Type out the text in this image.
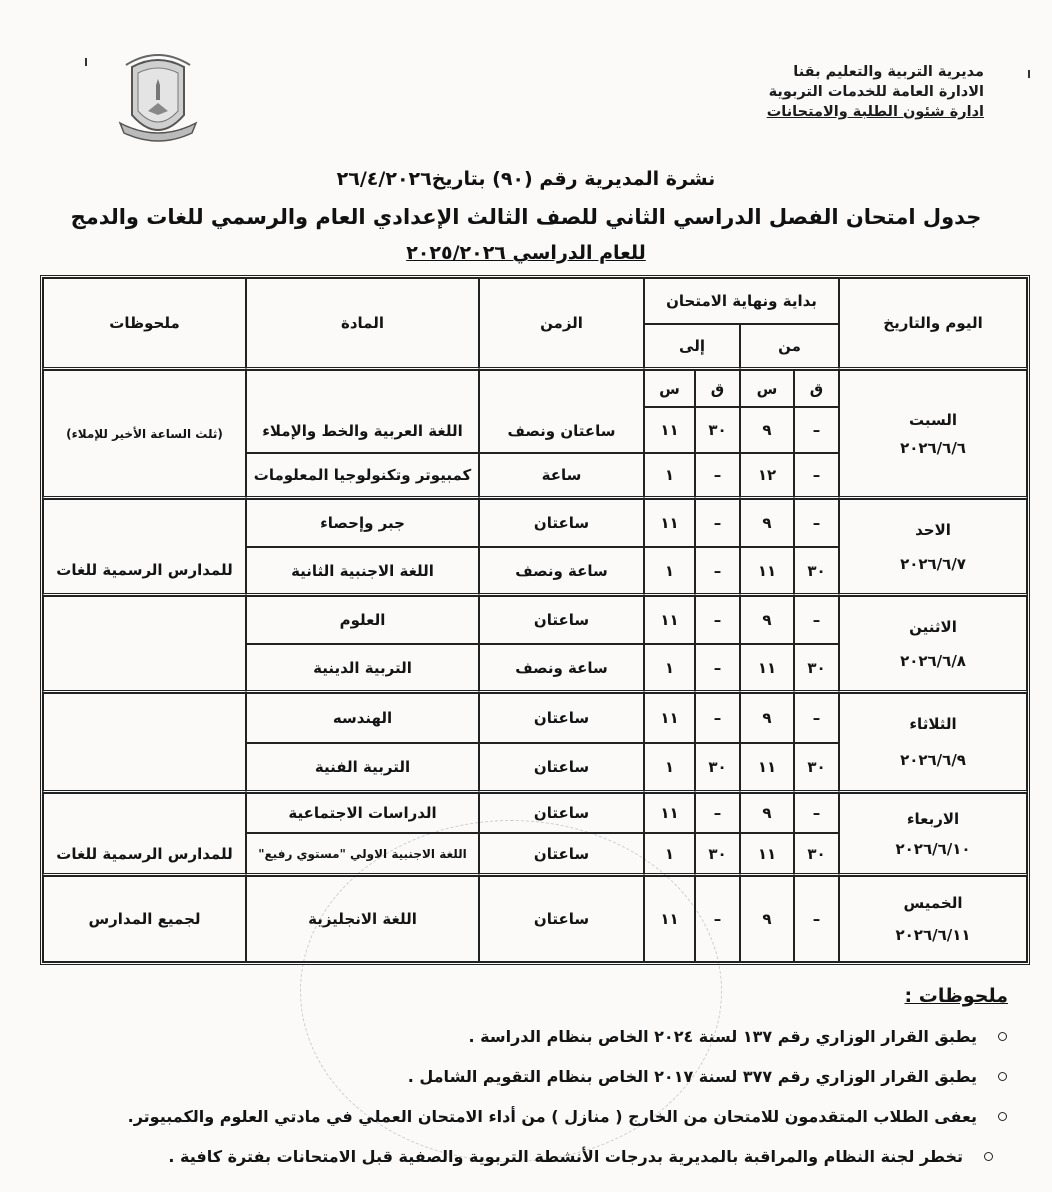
مديرية التربية والتعليم بقنا
الادارة العامة للخدمات التربوية
ادارة شئون الطلبة والامتحانات
نشرة المديرية رقم (٩٠) بتاريخ٢٦/٤/٢٠٢٦
جدول امتحان الفصل الدراسي الثاني للصف الثالث الإعدادي العام والرسمي للغات والدمج
للعام الدراسي ٢٠٢٥/٢٠٢٦
اليوم والتاريخ
بداية ونهاية الامتحان
من
إلى
الزمن
المادة
ملحوظات
السبت
٢٠٢٦/٦/٦
ق
س
ق
س
–
٩
٣٠
١١
ساعتان ونصف
اللغة العربية والخط والإملاء
–
١٢
–
١
ساعة
كمبيوتر وتكنولوجيا المعلومات
(ثلث الساعة الأخير للإملاء)
الاحد
٢٠٢٦/٦/٧
–
٩
–
١١
ساعتان
جبر وإحصاء
٣٠
١١
–
١
ساعة ونصف
اللغة الاجنبية الثانية
للمدارس الرسمية للغات
الاثنين
٢٠٢٦/٦/٨
–
٩
–
١١
ساعتان
العلوم
٣٠
١١
–
١
ساعة ونصف
التربية الدينية
الثلاثاء
٢٠٢٦/٦/٩
–
٩
–
١١
ساعتان
الهندسه
٣٠
١١
٣٠
١
ساعتان
التربية الفنية
الاربعاء
٢٠٢٦/٦/١٠
–
٩
–
١١
ساعتان
الدراسات الاجتماعية
٣٠
١١
٣٠
١
ساعتان
اللغة الاجنبية الاولي "مستوي رفيع"
للمدارس الرسمية للغات
الخميس
٢٠٢٦/٦/١١
–
٩
–
١١
ساعتان
اللغة الانجليزية
لجميع المدارس
ملحوظات :
يطبق القرار الوزاري رقم ١٣٧ لسنة ٢٠٢٤ الخاص بنظام الدراسة .
يطبق القرار الوزاري رقم ٣٧٧ لسنة ٢٠١٧ الخاص بنظام التقويم الشامل .
يعفى الطلاب المتقدمون للامتحان من الخارج ( منازل ) من أداء الامتحان العملي في مادتي العلوم والكمبيوتر.
تخطر لجنة النظام والمراقبة بالمديرية بدرجات الأنشطة التربوية والصفية قبل الامتحانات بفترة كافية .
